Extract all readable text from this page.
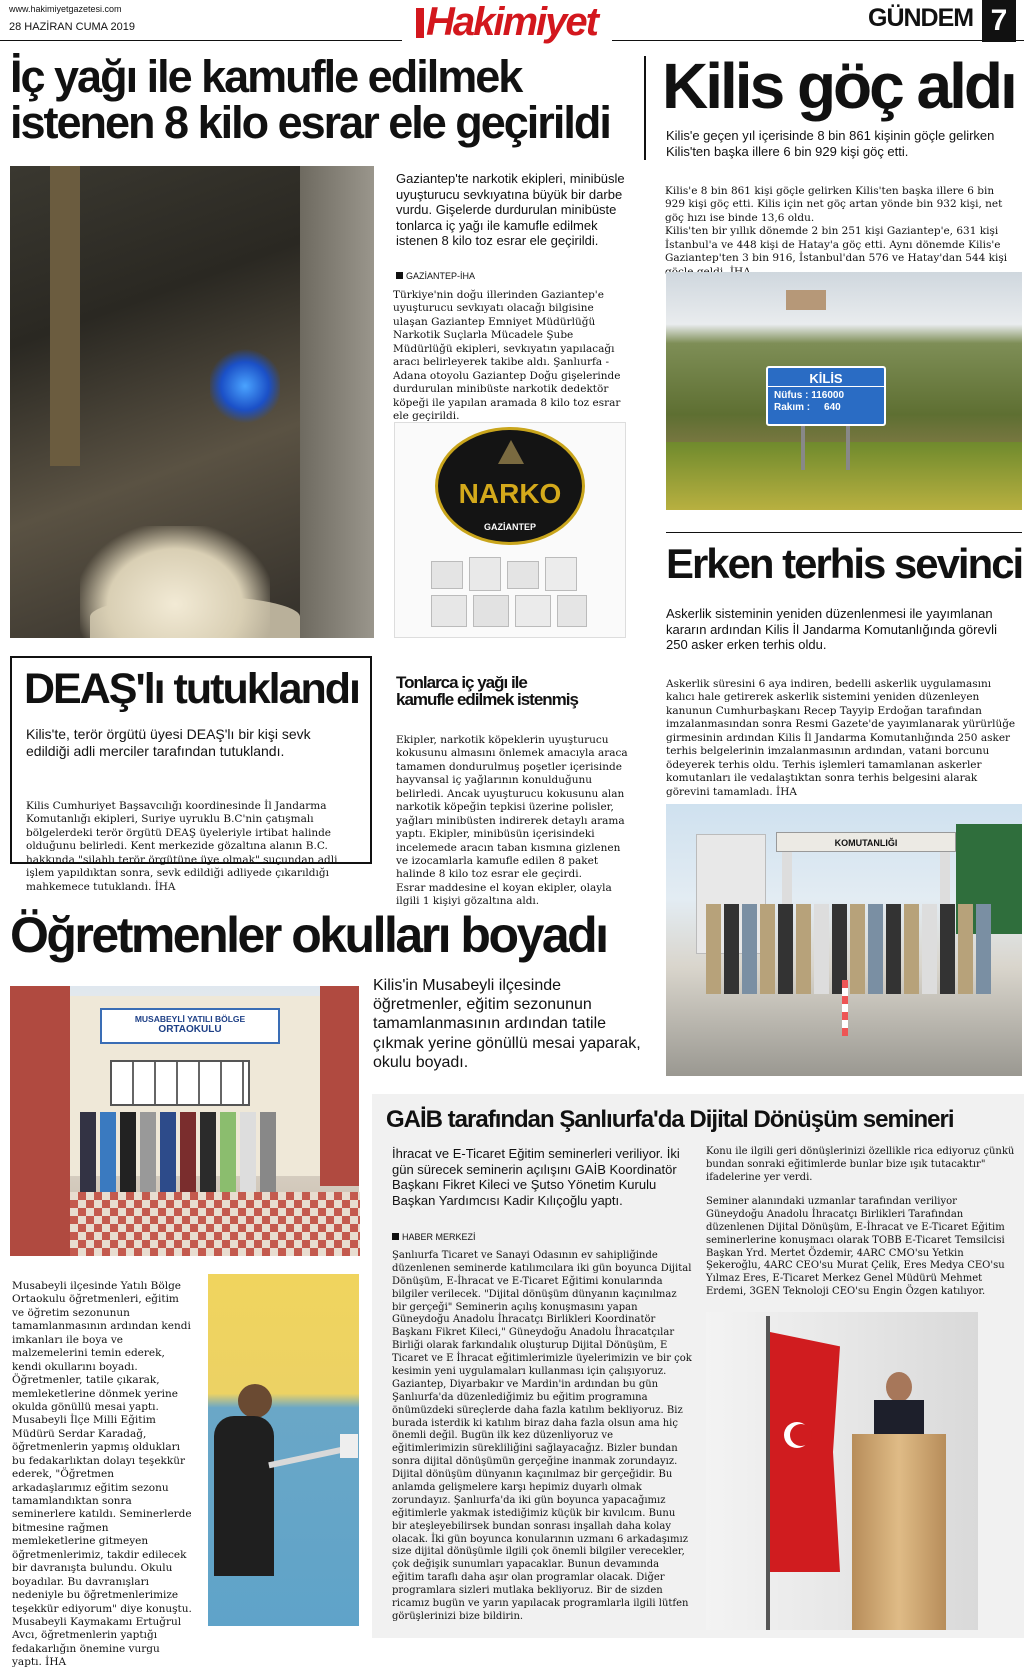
www.hakimiyetgazetesi.com
28 HAZİRAN CUMA 2019	Hakimiyet	GÜNDEM 7
İç yağı ile kamufle edilmek
istenen 8 kilo esrar ele geçirildi
Gaziantep'te narkotik ekipleri, minibüsle uyuşturucu sevkıyatına büyük bir darbe vurdu. Gişelerde durdurulan minibüste tonlarca iç yağı ile kamufle edilmek istenen 8 kilo toz esrar ele geçirildi.
GAZİANTEP-İHA
Türkiye'nin doğu illerinden Gaziantep'e uyuşturucu sevkıyatı olacağı bilgisine ulaşan Gaziantep Emniyet Müdürlüğü Narkotik Suçlarla Mücadele Şube Müdürlüğü ekipleri, sevkıyatın yapılacağı aracı belirleyerek takibe aldı. Şanlıurfa - Adana otoyolu Gaziantep Doğu gişelerinde durdurulan minibüste narkotik dedektör köpeği ile yapılan aramada 8 kilo toz esrar ele geçirildi.
NARKO
GAZİANTEP
Tonlarca iç yağı ile
kamufle edilmek istenmiş

Ekipler, narkotik köpeklerin uyuşturucu kokusunu almasını önlemek amacıyla araca tamamen dondurulmuş poşetler içerisinde hayvansal iç yağlarının konulduğunu belirledi. Ancak uyuşturucu kokusunu alan narkotik köpeğin tepkisi üzerine polisler, yağları minibüsten indirerek detaylı arama yaptı. Ekipler, minibüsün içerisindeki incelemede aracın taban kısmına gizlenen ve izocamlarla kamufle edilen 8 paket halinde 8 kilo toz esrar ele geçirdi.

Esrar maddesine el koyan ekipler, olayla ilgili 1 kişiyi gözaltına aldı.

Kilis göç aldı
Kilis'e geçen yıl içerisinde 8 bin 861 kişinin göçle gelirken Kilis'ten başka illere 6 bin 929 kişi göç etti.

Kilis'e 8 bin 861 kişi göçle gelirken Kilis'ten başka illere 6 bin 929 kişi göç etti. Kilis için net göç artan yönde bin 932 kişi, net göç hızı ise binde 13,6 oldu.

Kilis'ten bir yıllık dönemde 2 bin 251 kişi Gaziantep'e, 631 kişi İstanbul'a ve 448 kişi de Hatay'a göç etti. Aynı dönemde Kilis'e Gaziantep'ten 3 bin 916, İstanbul'dan 576 ve Hatay'dan 544 kişi

KİLİS
Nüfus : 116000
Rakım :     640
Erken terhis sevinci
Askerlik sisteminin yeniden düzenlenmesi ile yayımlanan kararın ardından Kilis İl Jandarma Komutanlığında görevli 250 asker erken terhis oldu.
Askerlik süresini 6 aya indiren, bedelli askerlik uygulamasını kalıcı hale getirerek askerlik sistemini yeniden düzenleyen kanunun Cumhurbaşkanı Recep Tayyip Erdoğan tarafından imzalanmasından sonra Resmi Gazete'de yayımlanarak yürürlüğe girmesinin ardından Kilis İl Jandarma Komutanlığında 250 asker terhis belgelerinin imzalanmasının ardından, vatani borcunu ödeyerek terhis oldu. Terhis işlemleri tamamlanan askerler komutanları ile vedalaştıktan sonra terhis belgesini alarak görevini tamamladı. İHA
KOMUTANLIĞI
DEAŞ'lı tutuklandı
Kilis'te, terör örgütü üyesi DEAŞ'lı bir kişi sevk edildiği adli merciler tarafından tutuklandı.
Kilis Cumhuriyet Başsavcılığı koordinesinde İl Jandarma Komutanlığı ekipleri, Suriye uyruklu B.C'nin çatışmalı bölgelerdeki terör örgütü DEAŞ üyeleriyle irtibat halinde olduğunu belirledi. Kent merkezide gözaltına alanın B.C. hakkında "silahlı terör örgütüne üye olmak" suçundan adli işlem yapıldıktan sonra, sevk edildiği adliyede çıkarıldığı mahkemece tutuklandı. İHA
Öğretmenler okulları boyadı
Kilis'in Musabeyli ilçesinde öğretmenler, eğitim sezonunun tamamlanmasının ardından tatile çıkmak yerine gönüllü mesai yaparak, okulu boyadı.
MUSABEYLİ YATILI BÖLGE
ORTAOKULU
Musabeyli ilçesinde Yatılı Bölge Ortaokulu öğretmenleri, eğitim ve öğretim sezonunun tamamlanmasının ardından kendi imkanları ile boya ve malzemelerini temin ederek, kendi okullarını boyadı. Öğretmenler, tatile çıkarak, memleketlerine dönmek yerine okulda gönüllü mesai yaptı. Musabeyli İlçe Milli Eğitim Müdürü Serdar Karadağ, öğretmenlerin yapmış oldukları bu fedakarlıktan dolayı teşekkür ederek, "Öğretmen arkadaşlarımız eğitim sezonu tamamlandıktan sonra seminerlere katıldı. Seminerlerde bitmesine rağmen memleketlerine gitmeyen öğretmenlerimiz, takdir edilecek bir davranışta bulundu. Okulu boyadılar. Bu davranışları nedeniyle bu öğretmenlerimize teşekkür ediyorum" diye konuştu. Musabeyli Kaymakamı Ertuğrul Avcı, öğretmenlerin yaptığı fedakarlığın önemine vurgu yaptı. İHA
GAİB tarafından Şanlıurfa'da Dijital Dönüşüm semineri
İhracat ve E-Ticaret Eğitim seminerleri veriliyor. İki gün sürecek seminerin açılışını GAİB Koordinatör Başkanı Fikret Kileci ve Şutso Yönetim Kurulu Başkan Yardımcısı Kadir Kılıçoğlu yaptı.
HABER MERKEZİ
Şanlıurfa Ticaret ve Sanayi Odasının ev sahipliğinde düzenlenen seminerde katılımcılara iki gün boyunca Dijital Dönüşüm, E-İhracat ve E-Ticaret Eğitimi konularında bilgiler verilecek. "Dijital dönüşüm dünyanın kaçınılmaz bir gerçeği" Seminerin açılış konuşmasını yapan Güneydoğu Anadolu İhracatçı Birlikleri Koordinatör Başkanı Fikret Kileci," Güneydoğu Anadolu İhracatçılar Birliği olarak farkındalık oluşturup Dijital Dönüşüm, E Ticaret ve E İhracat eğitimlerimizle üyelerimizin ve bir çok kesimin yeni uygulamaları kullanması için çalışıyoruz. Gaziantep, Diyarbakır ve Mardin'in ardından bu gün Şanlıurfa'da düzenlediğimiz bu eğitim programına önümüzdeki süreçlerde daha fazla katılım bekliyoruz. Biz burada isterdik ki katılım biraz daha fazla olsun ama hiç önemli değil. Bugün ilk kez düzenliyoruz ve eğitimlerimizin sürekliliğini sağlayacağız. Bizler bundan sonra dijital dönüşümün gerçeğine inanmak zorundayız. Dijital dönüşüm dünyanın kaçınılmaz bir gerçeğidir. Bu anlamda gelişmelere karşı hepimiz duyarlı olmak zorundayız. Şanlıurfa'da iki gün boyunca yapacağımız eğitimlerle yakmak istediğimiz küçük bir kıvılcım. Bunu bir ateşleyebilirsek bundan sonrası inşallah daha kolay olacak. İki gün boyunca konularının uzmanı 6 arkadaşımız size dijital dönüşümle ilgili çok önemli bilgiler verecekler, çok değişik sunumları yapacaklar. Bunun devamında eğitim taraflı daha aşır olan programlar olacak. Diğer programlara sizleri mutlaka bekliyoruz. Bir de sizden ricamız bugün ve yarın yapılacak programlarla ilgili lütfen görüşlerinizi bize bildirin.

Konu ile ilgili geri dönüşlerinizi özellikle rica ediyoruz çünkü bundan sonraki eğitimlerde bunlar bize ışık tutacaktır" ifadelerine yer verdi.

Seminer alanındaki uzmanlar tarafından veriliyor Güneydoğu Anadolu İhracatçı Birlikleri Tarafından düzenlenen Dijital Dönüşüm, E-İhracat ve E-Ticaret Eğitim seminerlerine konuşmacı olarak TOBB E-Ticaret Temsilcisi Başkan Yrd. Mertet Özdemir, 4ARC CMO'su Yetkin Şekeroğlu, 4ARC CEO'su Murat Çelik, Eres Medya CEO'su Yılmaz Eres, E-Ticaret Merkez Genel Müdürü Mehmet Erdemi, 3GEN Teknoloji CEO'su Engin Özgen katılıyor.
